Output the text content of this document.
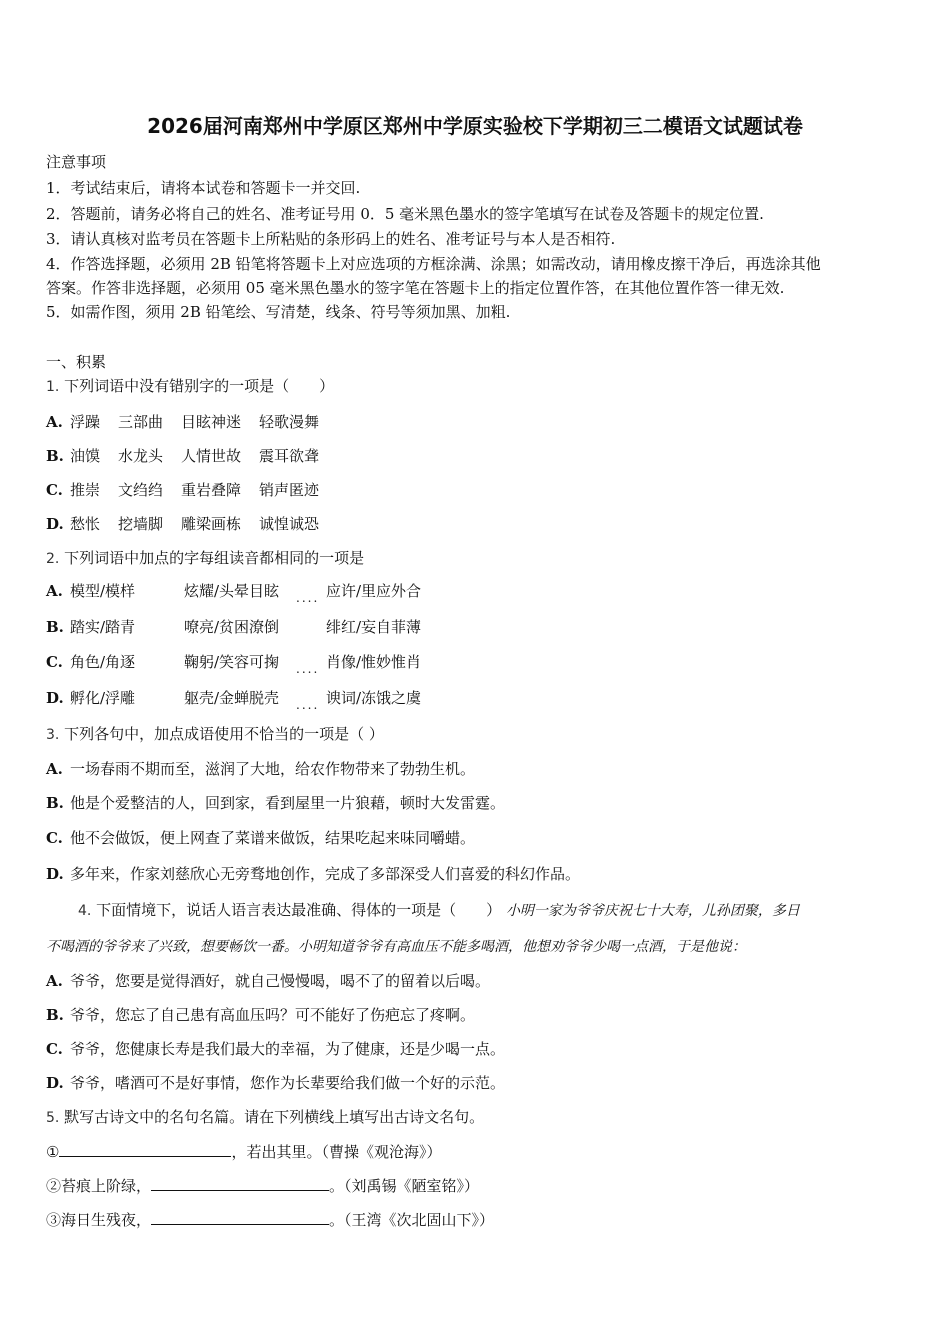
2026届河南郑州中学原区郑州中学原实验校下学期初三二模语文试题试卷
注意事项
1．考试结束后，请将本试卷和答题卡一并交回.
2．答题前，请务必将自己的姓名、准考证号用 0．5 毫米黑色墨水的签字笔填写在试卷及答题卡的规定位置.
3．请认真核对监考员在答题卡上所粘贴的条形码上的姓名、准考证号与本人是否相符.
4．作答选择题，必须用 2B 铅笔将答题卡上对应选项的方框涂满、涂黑；如需改动，请用橡皮擦干净后，再选涂其他
答案。作答非选择题，必须用 05 毫米黑色墨水的签字笔在答题卡上的指定位置作答，在其他位置作答一律无效.
5．如需作图，须用 2B 铅笔绘、写清楚，线条、符号等须加黑、加粗.
一、积累
1. 下列词语中没有错别字的一项是（　　）
A. 浮躁 三部曲 目眩神迷 轻歌漫舞
B. 油馍 水龙头 人情世故 震耳欲聋
C. 推崇 文绉绉 重岩叠障 销声匿迹
D. 愁怅 挖墙脚 雕梁画栋 诚惶诚恐
2. 下列词语中加点的字每组读音都相同的一项是
A. 模型/模样	炫耀/头晕目眩 $_{....}$ 应许/里应外合
B. 踏实/踏青	嘹亮/贫困潦倒	绯红/妄自菲薄
C. 角色/角逐	鞠躬/笑容可掬 $_{....}$ 肖像/惟妙惟肖
D. 孵化/浮雕	躯壳/金蝉脱壳 $_{....}$ 谀词/冻饿之虞
3. 下列各句中，加点成语使用不恰当的一项是（ ）
A. 一场春雨不期而至，滋润了大地，给农作物带来了勃勃生机。
B. 他是个爱整洁的人，回到家，看到屋里一片狼藉，顿时大发雷霆。
C. 他不会做饭，便上网查了菜谱来做饭，结果吃起来味同嚼蜡。
D. 多年来，作家刘慈欣心无旁骛地创作，完成了多部深受人们喜爱的科幻作品。
4. 下面情境下，说话人语言表达最准确、得体的一项是（　　） 小明一家为爷爷庆祝七十大寿，儿孙团聚，多日
不喝酒的爷爷来了兴致，想要畅饮一番。小明知道爷爷有高血压不能多喝酒，他想劝爷爷少喝一点酒，于是他说：
A. 爷爷，您要是觉得酒好，就自己慢慢喝，喝不了的留着以后喝。
B. 爷爷，您忘了自己患有高血压吗？可不能好了伤疤忘了疼啊。
C. 爷爷，您健康长寿是我们最大的幸福，为了健康，还是少喝一点。
D. 爷爷，嗜酒可不是好事情，您作为长辈要给我们做一个好的示范。
5. 默写古诗文中的名句名篇。请在下列横线上填写出古诗文名句。
①	，若出其里。（曹操《观沧海》）
②苔痕上阶绿，	。（刘禹锡《陋室铭》）
③海日生残夜，	。（王湾《次北固山下》）
